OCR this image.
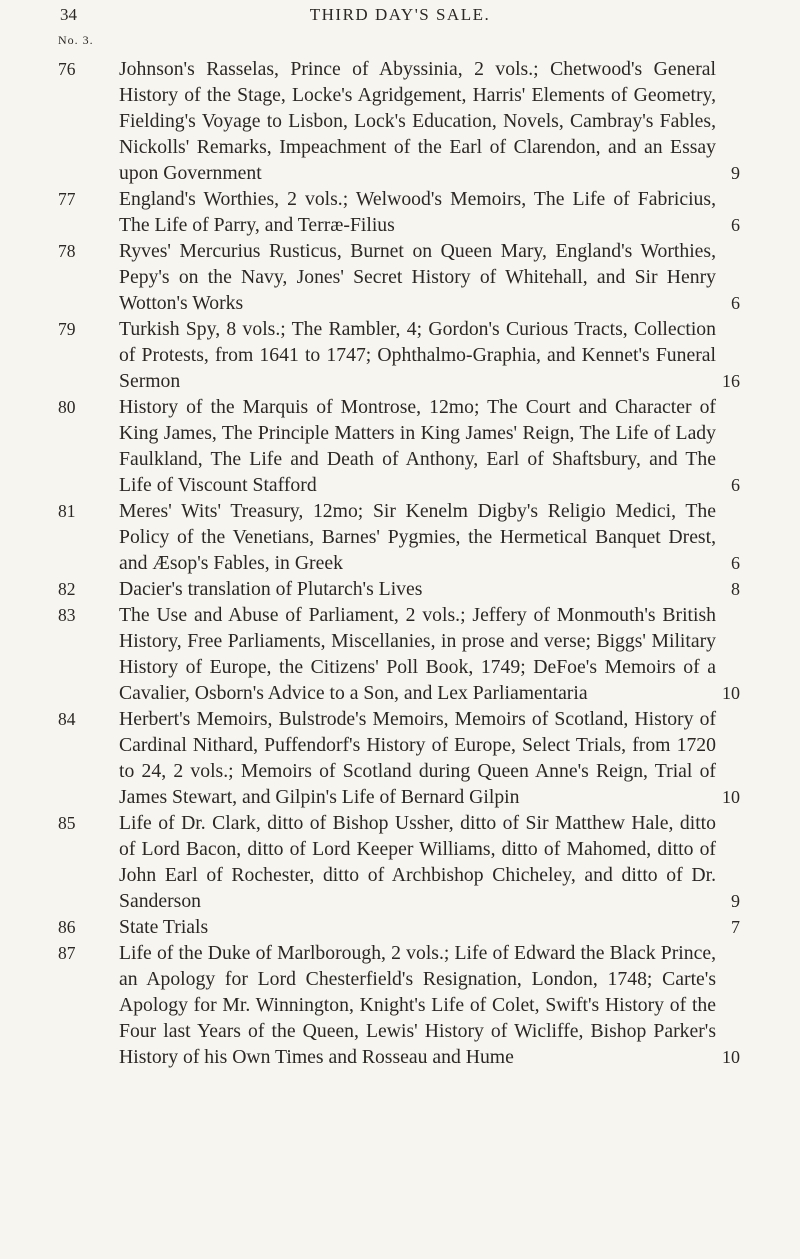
34	THIRD DAY'S SALE.
No. 3.
76 Johnson's Rasselas, Prince of Abyssinia, 2 vols.; Chetwood's General History of the Stage, Locke's Agridgement, Harris' Elements of Geometry, Fielding's Voyage to Lisbon, Lock's Education, Novels, Cambray's Fables, Nickolls' Remarks, Impeachment of the Earl of Clarendon, and an Essay upon Government	9
77 England's Worthies, 2 vols.; Welwood's Memoirs, The Life of Fabricius, The Life of Parry, and Terræ-Filius	6
78 Ryves' Mercurius Rusticus, Burnet on Queen Mary, England's Worthies, Pepy's on the Navy, Jones' Secret History of Whitehall, and Sir Henry Wotton's Works	6
79 Turkish Spy, 8 vols.; The Rambler, 4; Gordon's Curious Tracts, Collection of Protests, from 1641 to 1747; Ophthalmo-Graphia, and Kennet's Funeral Sermon	16
80 History of the Marquis of Montrose, 12mo; The Court and Character of King James, The Principle Matters in King James' Reign, The Life of Lady Faulkland, The Life and Death of Anthony, Earl of Shaftsbury, and The Life of Viscount Stafford	6
81 Meres' Wits' Treasury, 12mo; Sir Kenelm Digby's Religio Medici, The Policy of the Venetians, Barnes' Pygmies, the Hermetical Banquet Drest, and Æsop's Fables, in Greek	6
82 Dacier's translation of Plutarch's Lives	8
83 The Use and Abuse of Parliament, 2 vols.; Jeffery of Monmouth's British History, Free Parliaments, Miscellanies, in prose and verse; Biggs' Military History of Europe, the Citizens' Poll Book, 1749; DeFoe's Memoirs of a Cavalier, Osborn's Advice to a Son, and Lex Parliamentaria	10
84 Herbert's Memoirs, Bulstrode's Memoirs, Memoirs of Scotland, History of Cardinal Nithard, Puffendorf's History of Europe, Select Trials, from 1720 to 24, 2 vols.; Memoirs of Scotland during Queen Anne's Reign, Trial of James Stewart, and Gilpin's Life of Bernard Gilpin	10
85 Life of Dr. Clark, ditto of Bishop Ussher, ditto of Sir Matthew Hale, ditto of Lord Bacon, ditto of Lord Keeper Williams, ditto of Mahomed, ditto of John Earl of Rochester, ditto of Archbishop Chicheley, and ditto of Dr. Sanderson	9
86 State Trials	7
87 Life of the Duke of Marlborough, 2 vols.; Life of Edward the Black Prince, an Apology for Lord Chesterfield's Resignation, London, 1748; Carte's Apology for Mr. Winnington, Knight's Life of Colet, Swift's History of the Four last Years of the Queen, Lewis' History of Wicliffe, Bishop Parker's History of his Own Times and Rosseau and Hume	10
